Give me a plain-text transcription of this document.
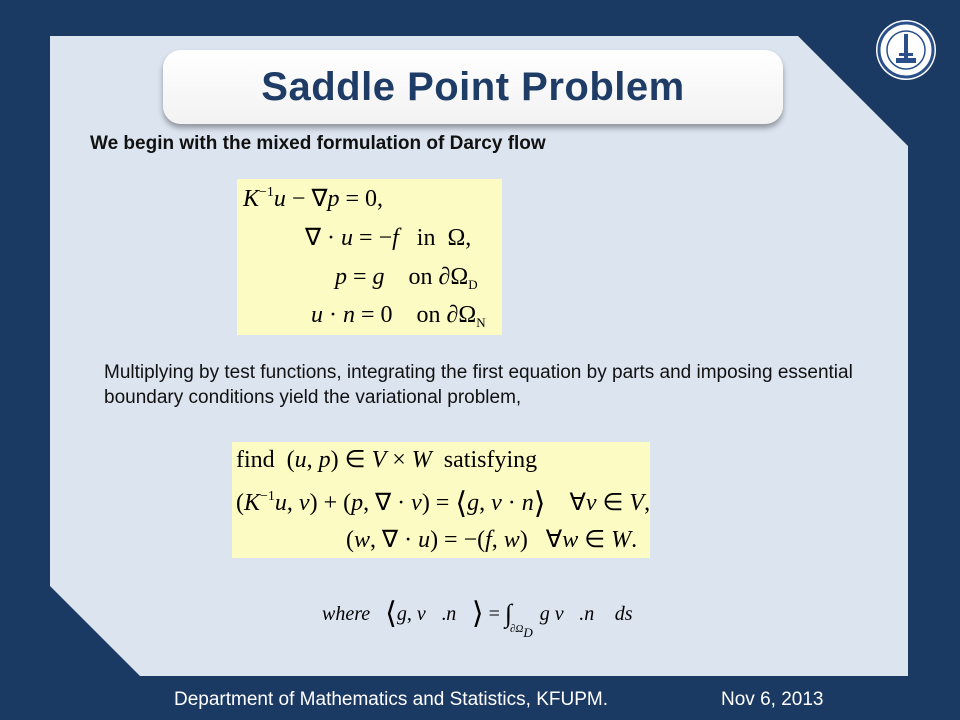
Saddle Point Problem
We begin with the mixed formulation of Darcy flow
$K^{-1}u - \nabla p = 0$,
∇ · u = −f   in  Ω,
p = g    on $\partial\Omega_D$
u · n = 0    on $\partial\Omega_N$
Multiplying by test functions, integrating the first equation by parts and imposing essential boundary conditions yield the variational problem,
find  (u, p) ∈ V × W  satisfying
($K^{-1}u$, v) + (p, ∇ · v) = ⟨g, v · n⟩    ∀v ∈ V,
(w, ∇ · u) = −(f, w)   ∀w ∈ W.
where ⟨g, v⃗.n⃗⟩ = $\int_{\partial\Omega_D}$ g v⃗.n⃗ ds
Department of Mathematics and Statistics, KFUPM.	Nov 6, 2013
